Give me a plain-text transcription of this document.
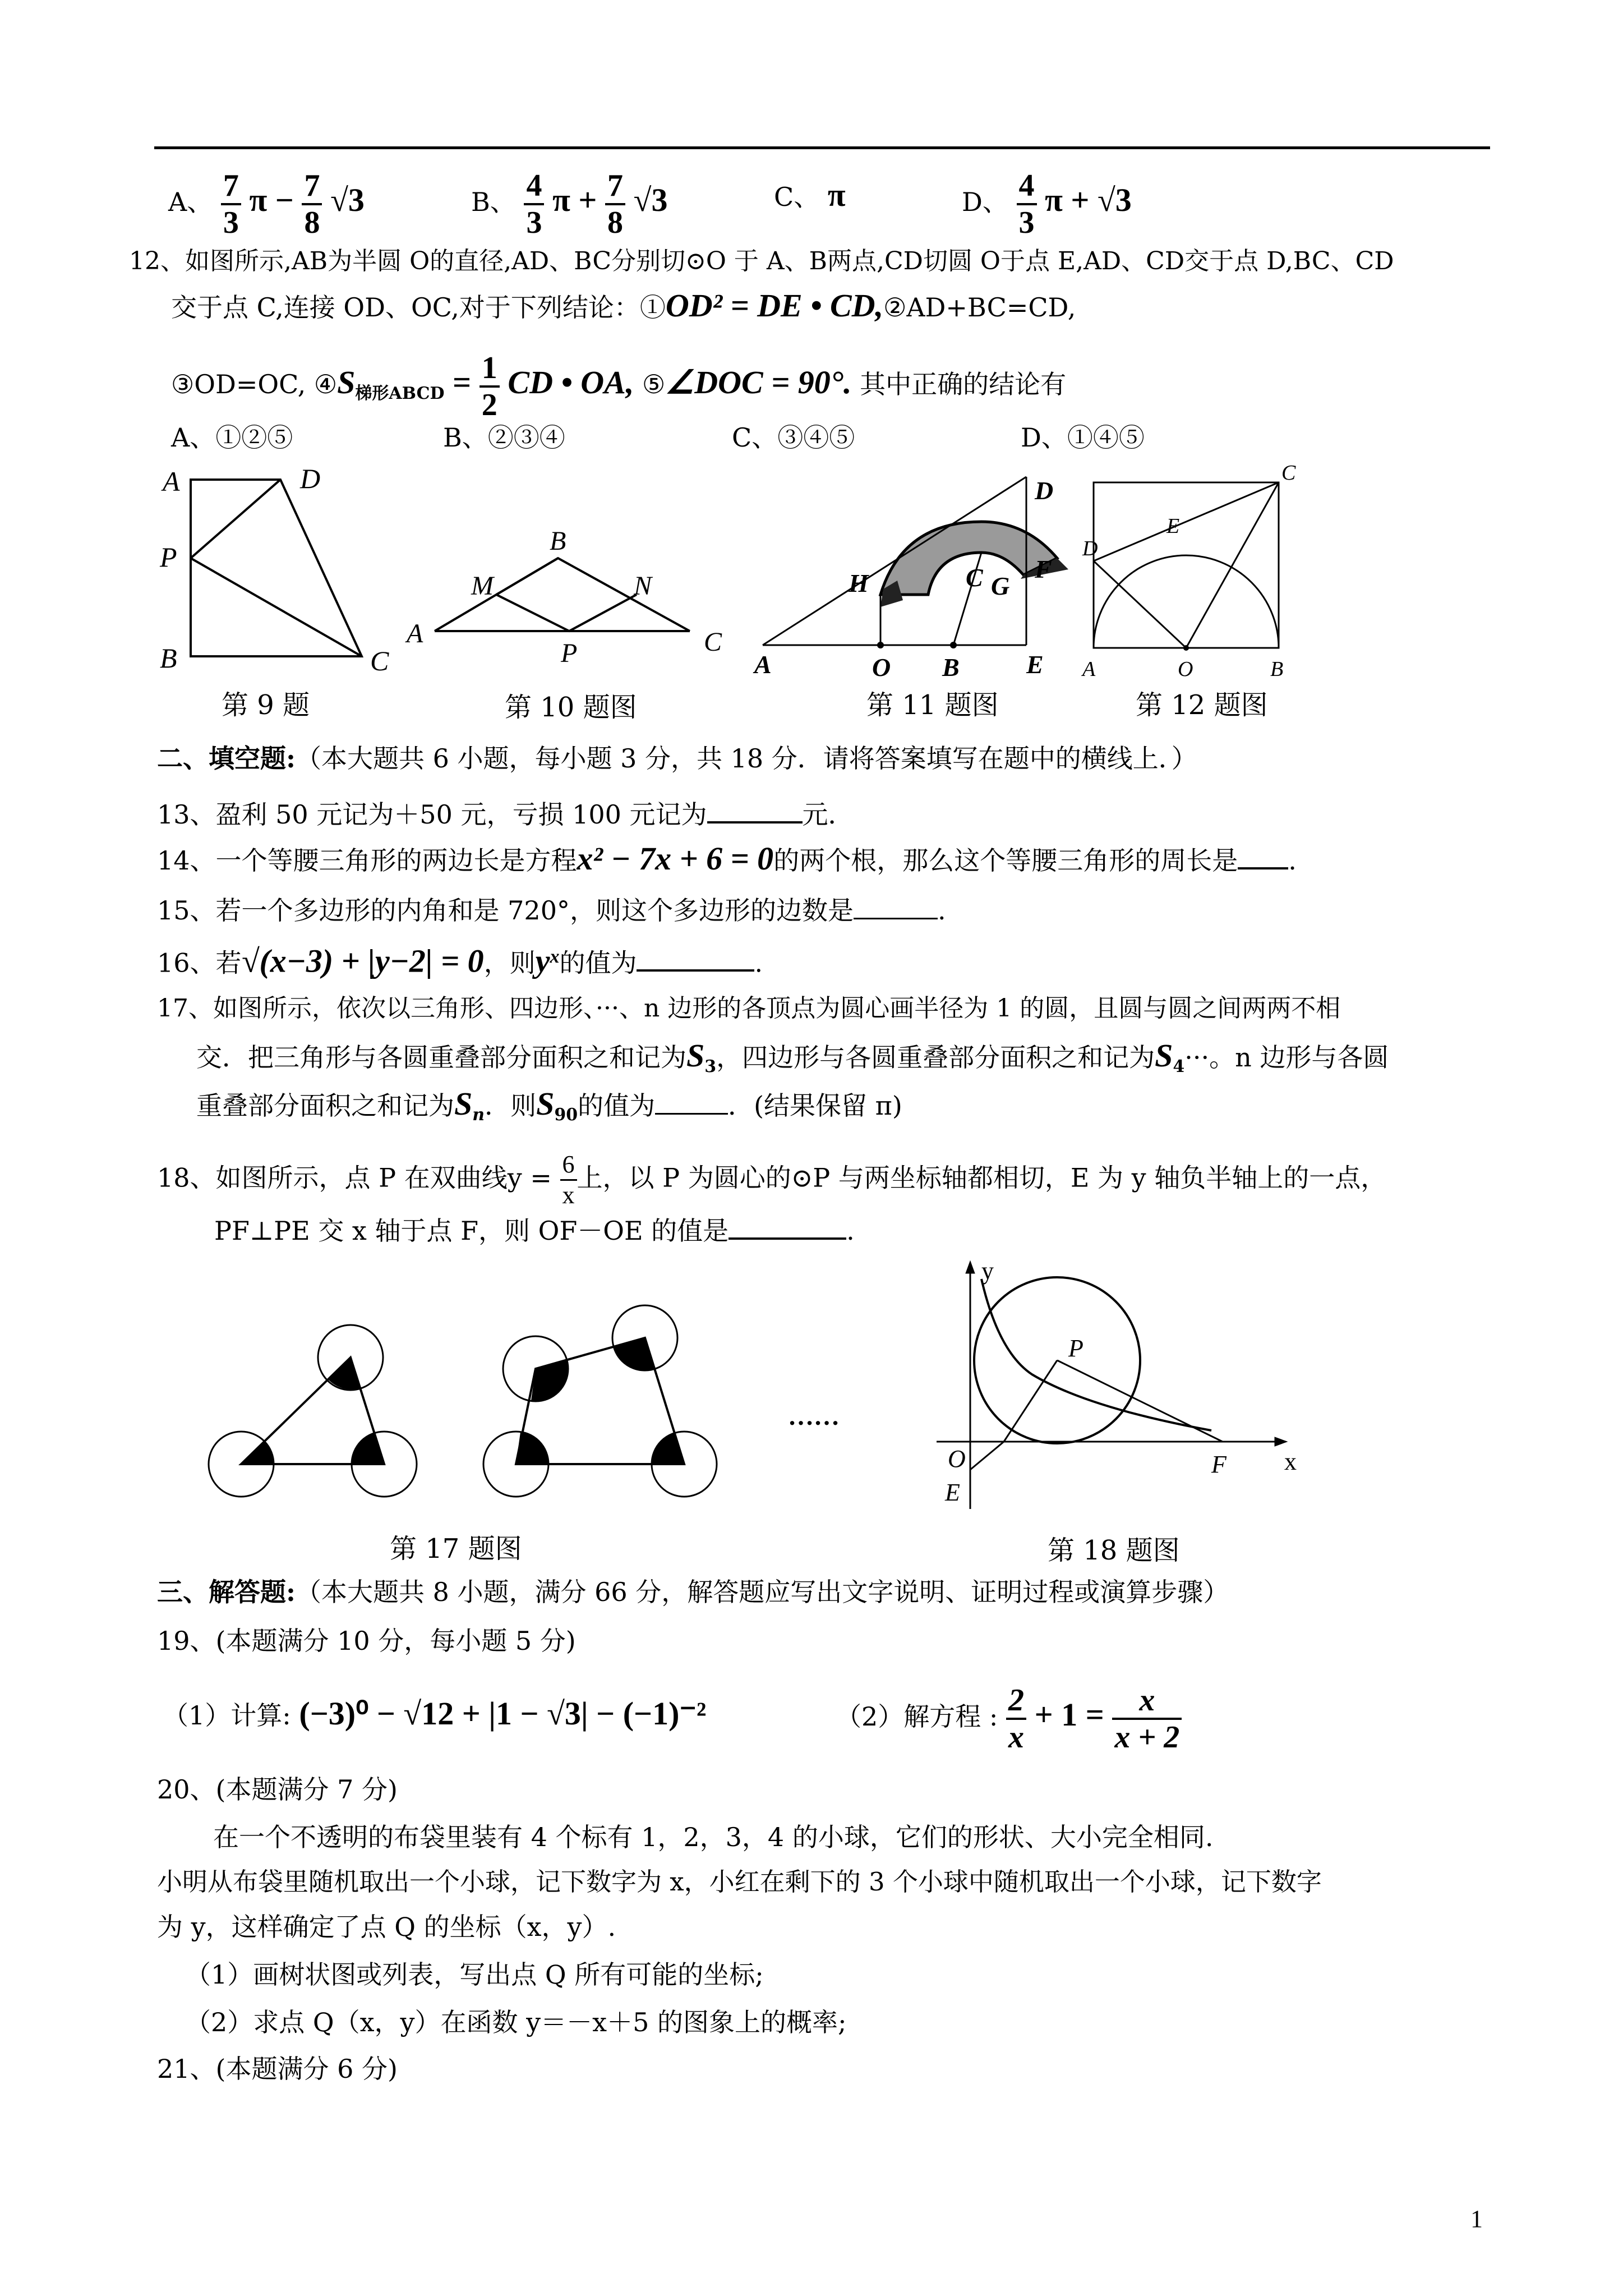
A、 $\frac{7}{3}$ $\pi - \frac{7}{8} √3$	B、 $\frac{4}{3}$ $\pi + \frac{7}{8} √3$	C、 π	D、 $\frac{4}{3}$ π + √3
12、如图所示,AB为半圆 O的直径,AD、BC分别切⊙O 于 A、B两点,CD切圆 O于点 E,AD、CD交于点 D,BC、CD
交于点 C,连接 OD、OC,对于下列结论：①OD² = DE • CD,②AD+BC=CD,
③OD=OC, $④S_{梯形ABCD} = \frac{1}{2}$ CD • OA, ⑤∠DOC = 90°. 其中正确的结论有
A、①②⑤	B、②③④	C、③④⑤	D、①④⑤
A	D
P
B	C
B
M	N
A
P	C
D
H	C G
F
A	O B	E
C
E
D
A	O	B
第 9 题	第 10 题图	第 11 题图	第 12 题图
二、填空题:（本大题共 6 小题，每小题 3 分，共 18 分．请将答案填写在题中的横线上．）
13、盈利 50 元记为＋50 元，亏损 100 元记为	元．
14、一个等腰三角形的两边长是方程x² − 7x + 6 = 0的两个根，那么这个等腰三角形的周长是 .
15、若一个多边形的内角和是 720°，则这个多边形的边数是	.
16、若√(x−3) + |y−2| = 0，则$y^x$的值为	.
17、如图所示，依次以三角形、四边形、···、n 边形的各顶点为圆心画半径为 1 的圆，且圆与圆之间两两不相
交．把三角形与各圆重叠部分面积之和记为$S_3$，四边形与各圆重叠部分面积之和记为$S_4\cdot\cdot\cdot$。n 边形与各圆
重叠部分面积之和记为$S_n$．则$S_{90}$的值为	．(结果保留 π)
18、如图所示，点 P 在双曲线$y = \frac{6}{x}$ 上，以 P 为圆心的⊙P 与两坐标轴都相切，E 为 y 轴负半轴上的一点，
PF⊥PE 交 x 轴于点 F，则 OF－OE 的值是	.
……
y
P
O	F x
E
第 17 题图	第 18 题图
三、解答题:（本大题共 8 小题，满分 66 分，解答题应写出文字说明、证明过程或演算步骤）
19、(本题满分 10 分，每小题 5 分)
（1）计算: (−3)⁰ − √12 + |1 − √3| − (−1)⁻²	（2）解方程 : $\frac{2}{x} + 1 = \frac{x}{x + 2}$
20、(本题满分 7 分)
在一个不透明的布袋里装有 4 个标有 1，2，3，4 的小球，它们的形状、大小完全相同.
小明从布袋里随机取出一个小球，记下数字为 x，小红在剩下的 3 个小球中随机取出一个小球，记下数字
为 y，这样确定了点 Q 的坐标（x，y）.
（1）画树状图或列表，写出点 Q 所有可能的坐标;
（2）求点 Q（x，y）在函数 y＝－x＋5 的图象上的概率;
21、(本题满分 6 分)
1
